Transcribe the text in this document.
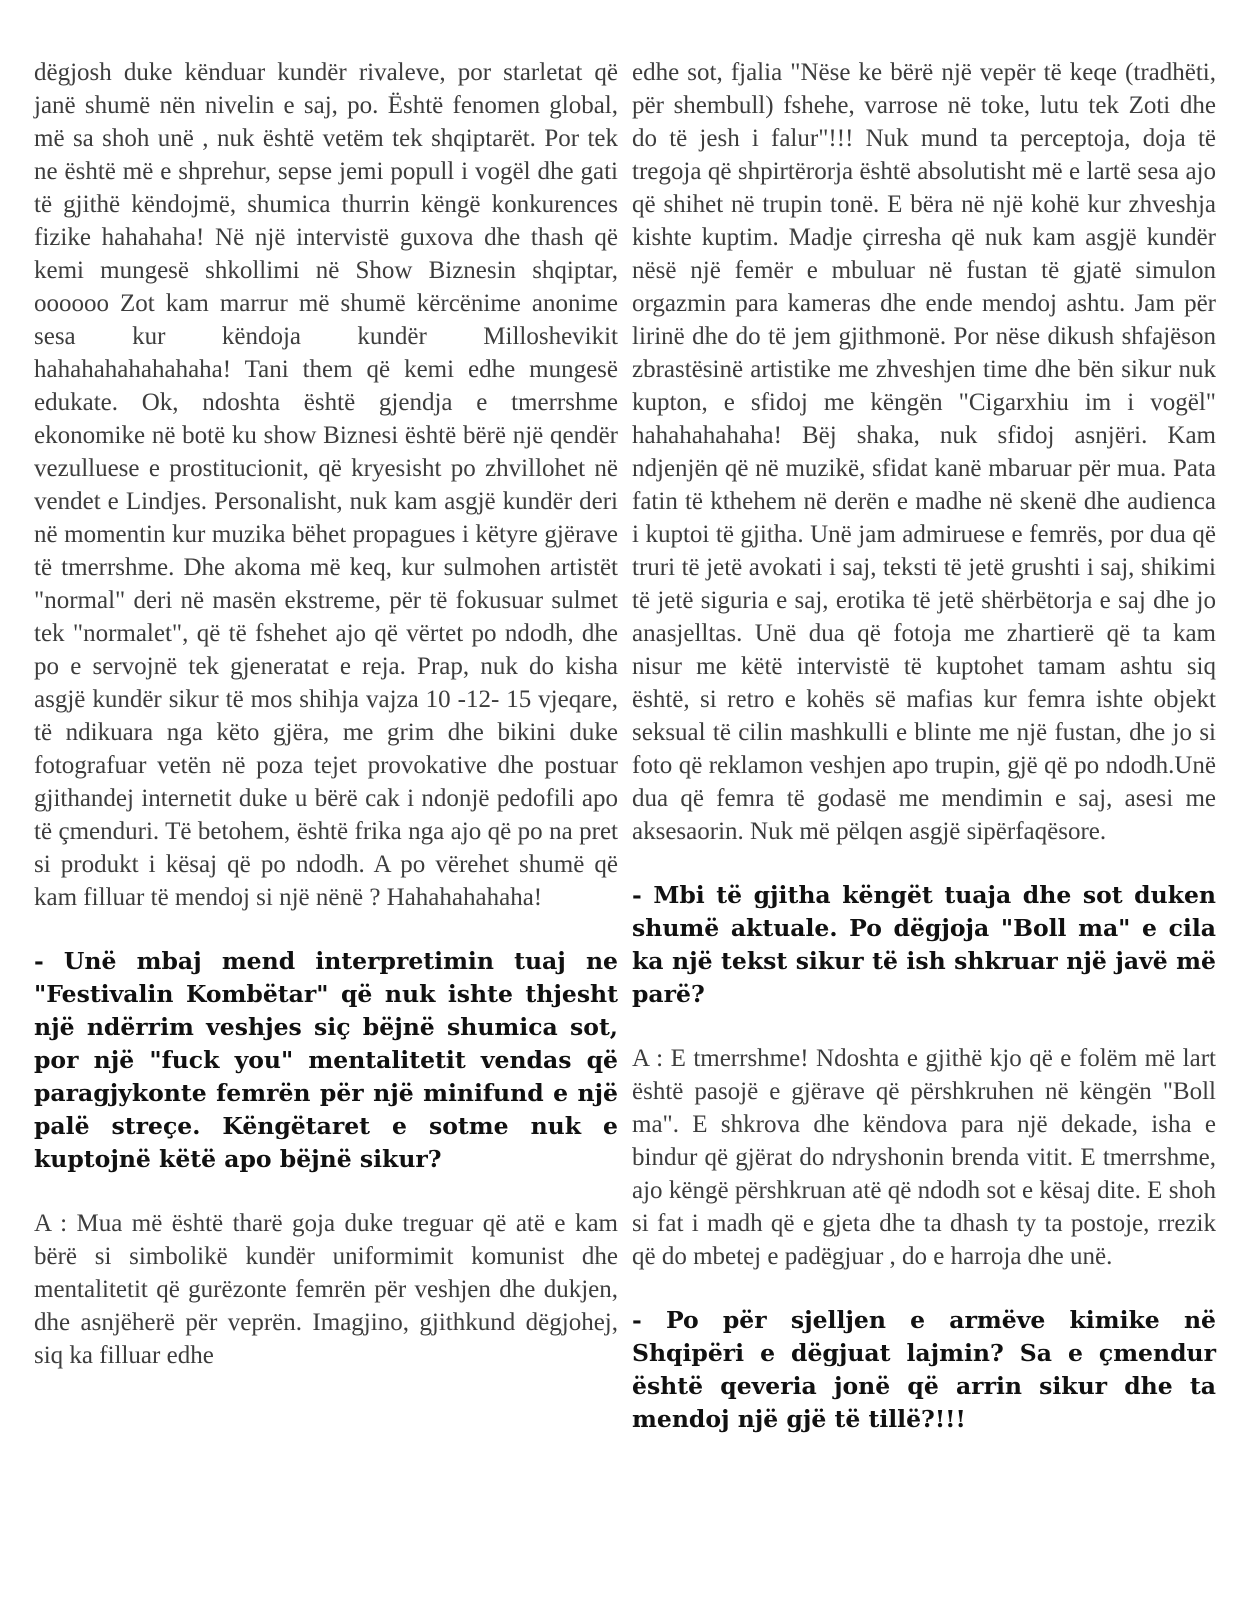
dëgjosh duke kënduar kundër rivaleve, por starletat që janë shumë nën nivelin e saj, po. Është fenomen global, më sa shoh unë , nuk është vetëm tek shqiptarët. Por tek ne është më e shprehur, sepse jemi popull i vogël dhe gati të gjithë këndojmë, shumica thurrin këngë konkurences fizike hahahaha! Në një intervistë guxova dhe thash që kemi mungesë shkollimi në Show Biznesin shqiptar, oooooo Zot kam marrur më shumë kërcënime anonime sesa kur këndoja kundër Milloshevikit hahahahahahahaha! Tani them që kemi edhe mungesë edukate. Ok, ndoshta është gjendja e tmerrshme ekonomike në botë ku show Biznesi është bërë një qendër vezulluese e prostitucionit, që kryesisht po zhvillohet në vendet e Lindjes. Personalisht, nuk kam asgjë kundër deri në momentin kur muzika bëhet propagues i këtyre gjërave të tmerrshme. Dhe akoma më keq, kur sulmohen artistët "normal" deri në masën ekstreme, për të fokusuar sulmet tek "normalet", që të fshehet ajo që vërtet po ndodh, dhe po e servojnë tek gjeneratat e reja. Prap, nuk do kisha asgjë kundër sikur të mos shihja vajza 10 -12- 15 vjeqare, të ndikuara nga këto gjëra, me grim dhe bikini duke fotografuar vetën në poza tejet provokative dhe postuar gjithandej internetit duke u bërë cak i ndonjë pedofili apo të çmenduri. Të betohem, është frika nga ajo që po na pret si produkt i kësaj që po ndodh. A po vërehet shumë që kam filluar të mendoj si një nënë ? Hahahahahaha!

- Unë mbaj mend interpretimin tuaj ne "Festivalin Kombëtar" që nuk ishte thjesht një ndërrim veshjes siç bëjnë shumica sot, por një "fuck you" mentalitetit vendas që paragjykonte femrën për një minifund e një palë streçe. Këngëtaret e sotme nuk e kuptojnë këtë apo bëjnë sikur?

A : Mua më është tharë goja duke treguar që atë e kam bërë si simbolikë kundër uniformimit komunist dhe mentalitetit që gurëzonte femrën për veshjen dhe dukjen, dhe asnjëherë për veprën. Imagjino, gjithkund dëgjohej, siq ka filluar edhe

edhe sot, fjalia "Nëse ke bërë një vepër të keqe (tradhëti, për shembull) fshehe, varrose në toke, lutu tek Zoti dhe do të jesh i falur"!!! Nuk mund ta perceptoja, doja të tregoja që shpirtërorja është absolutisht më e lartë sesa ajo që shihet në trupin tonë. E bëra në një kohë kur zhveshja kishte kuptim. Madje çirresha që nuk kam asgjë kundër nësë një femër e mbuluar në fustan të gjatë simulon orgazmin para kameras dhe ende mendoj ashtu. Jam për lirinë dhe do të jem gjithmonë. Por nëse dikush shfajëson zbrastësinë artistike me zhveshjen time dhe bën sikur nuk kupton, e sfidoj me këngën "Cigarxhiu im i vogël" hahahahahaha! Bëj shaka, nuk sfidoj asnjëri. Kam ndjenjën që në muzikë, sfidat kanë mbaruar për mua. Pata fatin të kthehem në derën e madhe në skenë dhe audienca i kuptoi të gjitha. Unë jam admiruese e femrës, por dua që truri të jetë avokati i saj, teksti të jetë grushti i saj, shikimi të jetë siguria e saj, erotika të jetë shërbëtorja e saj dhe jo anasjelltas. Unë dua që fotoja me zhartierë që ta kam nisur me këtë intervistë të kuptohet tamam ashtu siq është, si retro e kohës së mafias kur femra ishte objekt seksual të cilin mashkulli e blinte me një fustan, dhe jo si foto që reklamon veshjen apo trupin, gjë që po ndodh.Unë dua që femra të godasë me mendimin e saj, asesi me aksesaorin. Nuk më pëlqen asgjë sipërfaqësore.

- Mbi të gjitha këngët tuaja dhe sot duken shumë aktuale. Po dëgjoja "Boll ma" e cila ka një tekst sikur të ish shkruar një javë më parë?

A : E tmerrshme! Ndoshta e gjithë kjo që e folëm më lart është pasojë e gjërave që përshkruhen në këngën "Boll ma". E shkrova dhe këndova para një dekade, isha e bindur që gjërat do ndryshonin brenda vitit. E tmerrshme, ajo këngë përshkruan atë që ndodh sot e kësaj dite. E shoh si fat i madh që e gjeta dhe ta dhash ty ta postoje, rrezik që do mbetej e padëgjuar , do e harroja dhe unë.

- Po për sjelljen e armëve kimike në Shqipëri e dëgjuat lajmin? Sa e çmendur është qeveria jonë që arrin sikur dhe ta mendoj një gjë të tillë?!!!
